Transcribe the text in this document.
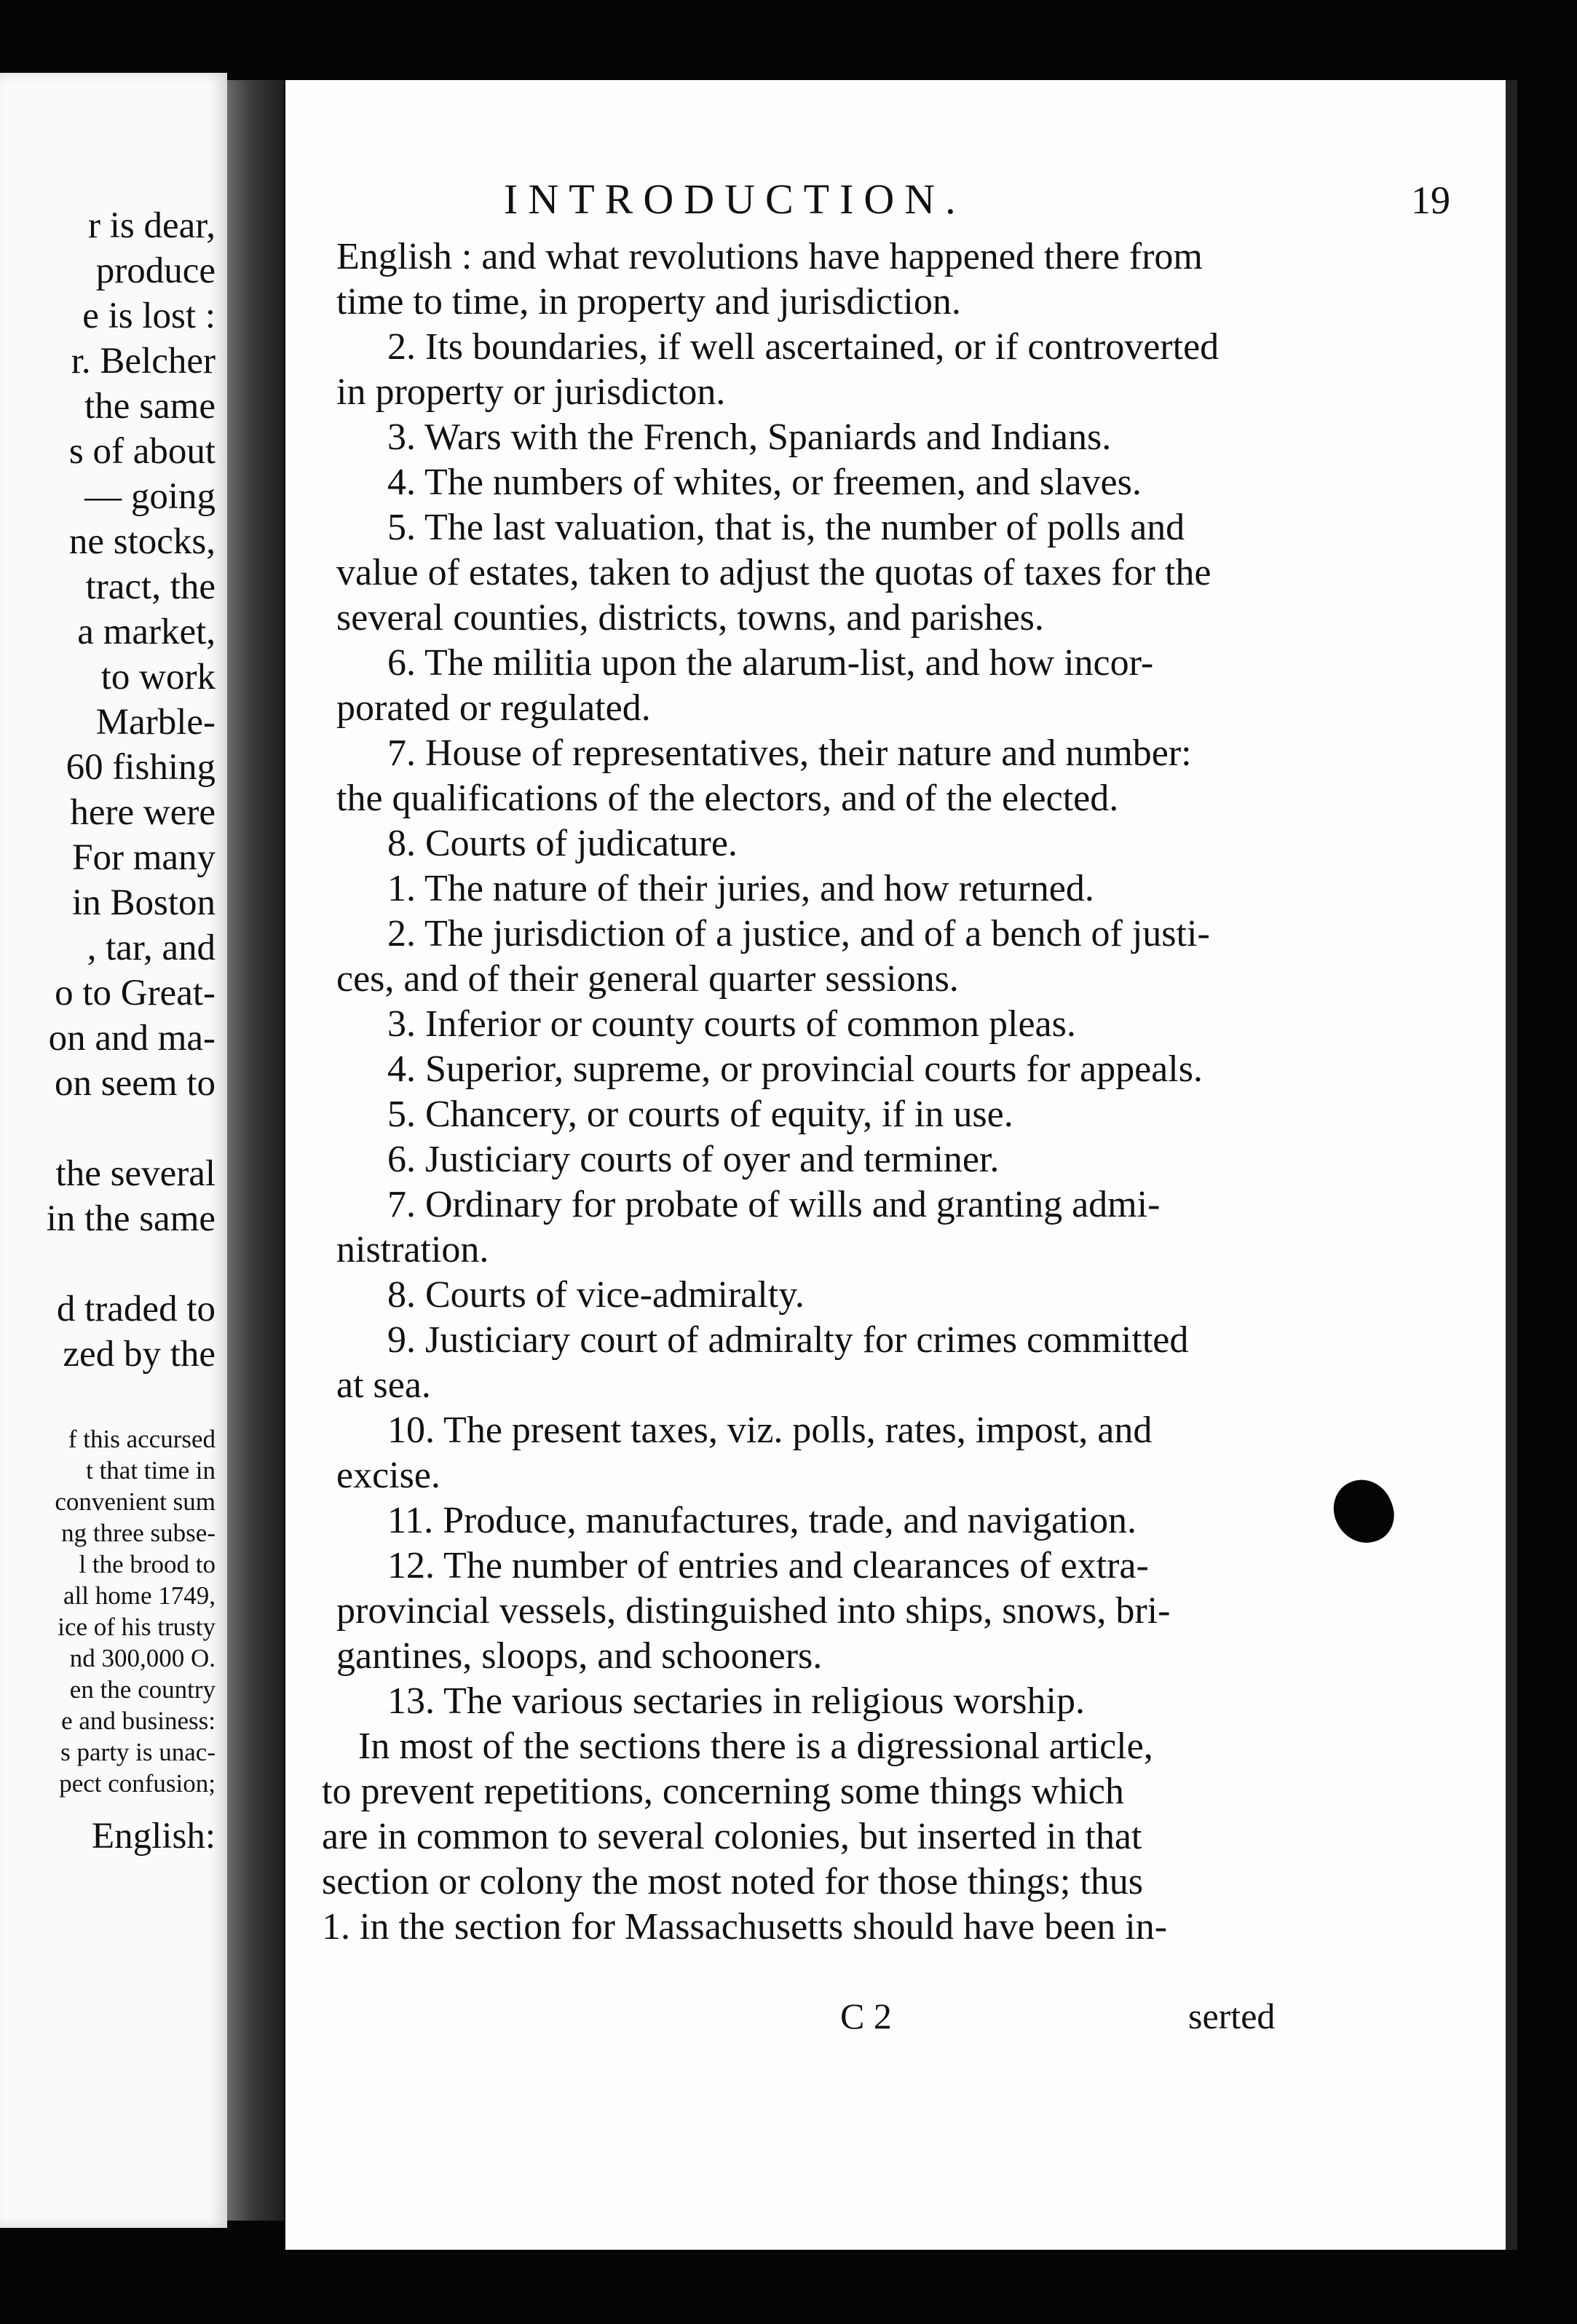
r is dear,
produce
e is lost :
r. Belcher
the same
s of about
— going
ne stocks,
tract, the
a market,
to work
Marble-
60 fishing
here were
For many
in Boston
, tar, and
o to Great-
on and ma-
on seem to
the several
in the same
d traded to
zed by the
f this accursed
t that time in
convenient sum
ng three subse-
l the brood to
all home 1749,
ice of his trusty
nd 300,000 O.
en the country
e and business:
s party is unac-
pect confusion;
English:
INTRODUCTION.	19
English : and what revolutions have happened there from
time to time, in property and jurisdiction.
2. Its boundaries, if well ascertained, or if controverted
in property or jurisdicton.
3. Wars with the French, Spaniards and Indians.
4. The numbers of whites, or freemen, and slaves.
5. The last valuation, that is, the number of polls and
value of estates, taken to adjust the quotas of taxes for the
several counties, districts, towns, and parishes.
6. The militia upon the alarum-list, and how incor-
porated or regulated.
7. House of representatives, their nature and number:
the qualifications of the electors, and of the elected.
8. Courts of judicature.
1. The nature of their juries, and how returned.
2. The jurisdiction of a justice, and of a bench of justi-
ces, and of their general quarter sessions.
3. Inferior or county courts of common pleas.
4. Superior, supreme, or provincial courts for appeals.
5. Chancery, or courts of equity, if in use.
6. Justiciary courts of oyer and terminer.
7. Ordinary for probate of wills and granting admi-
nistration.
8. Courts of vice-admiralty.
9. Justiciary court of admiralty for crimes committed
at sea.
10. The present taxes, viz. polls, rates, impost, and
excise.
11. Produce, manufactures, trade, and navigation.
12. The number of entries and clearances of extra-
provincial vessels, distinguished into ships, snows, bri-
gantines, sloops, and schooners.
13. The various sectaries in religious worship.
In most of the sections there is a digressional article,
to prevent repetitions, concerning some things which
are in common to several colonies, but inserted in that
section or colony the most noted for those things; thus
1. in the section for Massachusetts should have been in-
C 2	serted
